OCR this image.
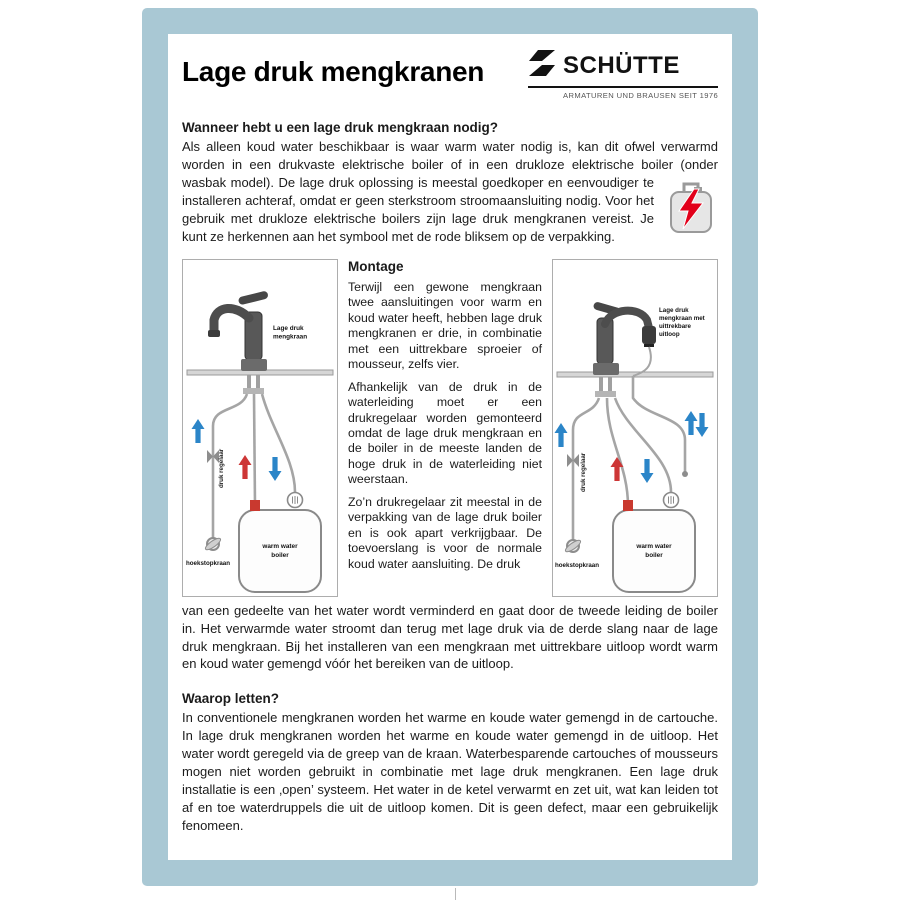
Lage druk mengkranen	SCHÜTTE
ARMATUREN UND BRAUSEN SEIT 1976
Wanneer hebt u een lage druk mengkraan nodig?

Als alleen koud water beschikbaar is waar warm water nodig is, kan dit ofwel verwarmd worden in een drukvaste elektrische boiler of in een drukloze elektrische boiler (onder wasbak model). De lage druk oplossing is meestal goedkoper en eenvoudiger te installeren achteraf, omdat er geen sterkstroom stroomaansluiting nodig. Voor het gebruik met drukloze elektrische boilers zijn lage druk mengkranen vereist. Je kunt ze herkennen aan het symbool met de rode bliksem op de verpakking.

Lage druk mengkraan
druk regelaar
hoekstopkraan
warm water
boiler
Montage

Terwijl een gewone mengkraan twee aansluitingen voor warm en koud water heeft, hebben lage druk mengkranen er drie, in combinatie met een uittrekbare sproeier of mousseur, zelfs vier.

Afhankelijk van de druk in de waterleiding moet er een drukregelaar worden gemonteerd omdat de lage druk mengkraan en de boiler in de meeste landen de hoge druk in de waterleiding niet weerstaan.

Zo’n drukregelaar zit meestal in de verpakking van de lage druk boiler en is ook apart verkrijgbaar. De toevoerslang is voor de normale koud water aansluiting. De druk

Lage druk mengkraan met uittrekbare uitloop
druk regelaar
hoekstopkraan
warm water
boiler

van een gedeelte van het water wordt verminderd en gaat door de tweede leiding de boiler in. Het verwarmde water stroomt dan terug met lage druk via de derde slang naar de lage druk mengkraan. Bij het installeren van een mengkraan met uittrekbare uitloop wordt warm en koud water gemengd vóór het bereiken van de uitloop.

Waarop letten?

In conventionele mengkranen worden het warme en koude water gemengd in de cartouche. In lage druk mengkranen worden het warme en koude water gemengd in de uitloop. Het water wordt geregeld via de greep van de kraan. Waterbesparende cartouches of mousseurs mogen niet worden gebruikt in combinatie met lage druk mengkranen. Een lage druk installatie is een ‚open’ systeem. Het water in de ketel verwarmt en zet uit, wat kan leiden tot af en toe waterdruppels die uit de uitloop komen. Dit is geen defect, maar een gebruikelijk fenomeen.
